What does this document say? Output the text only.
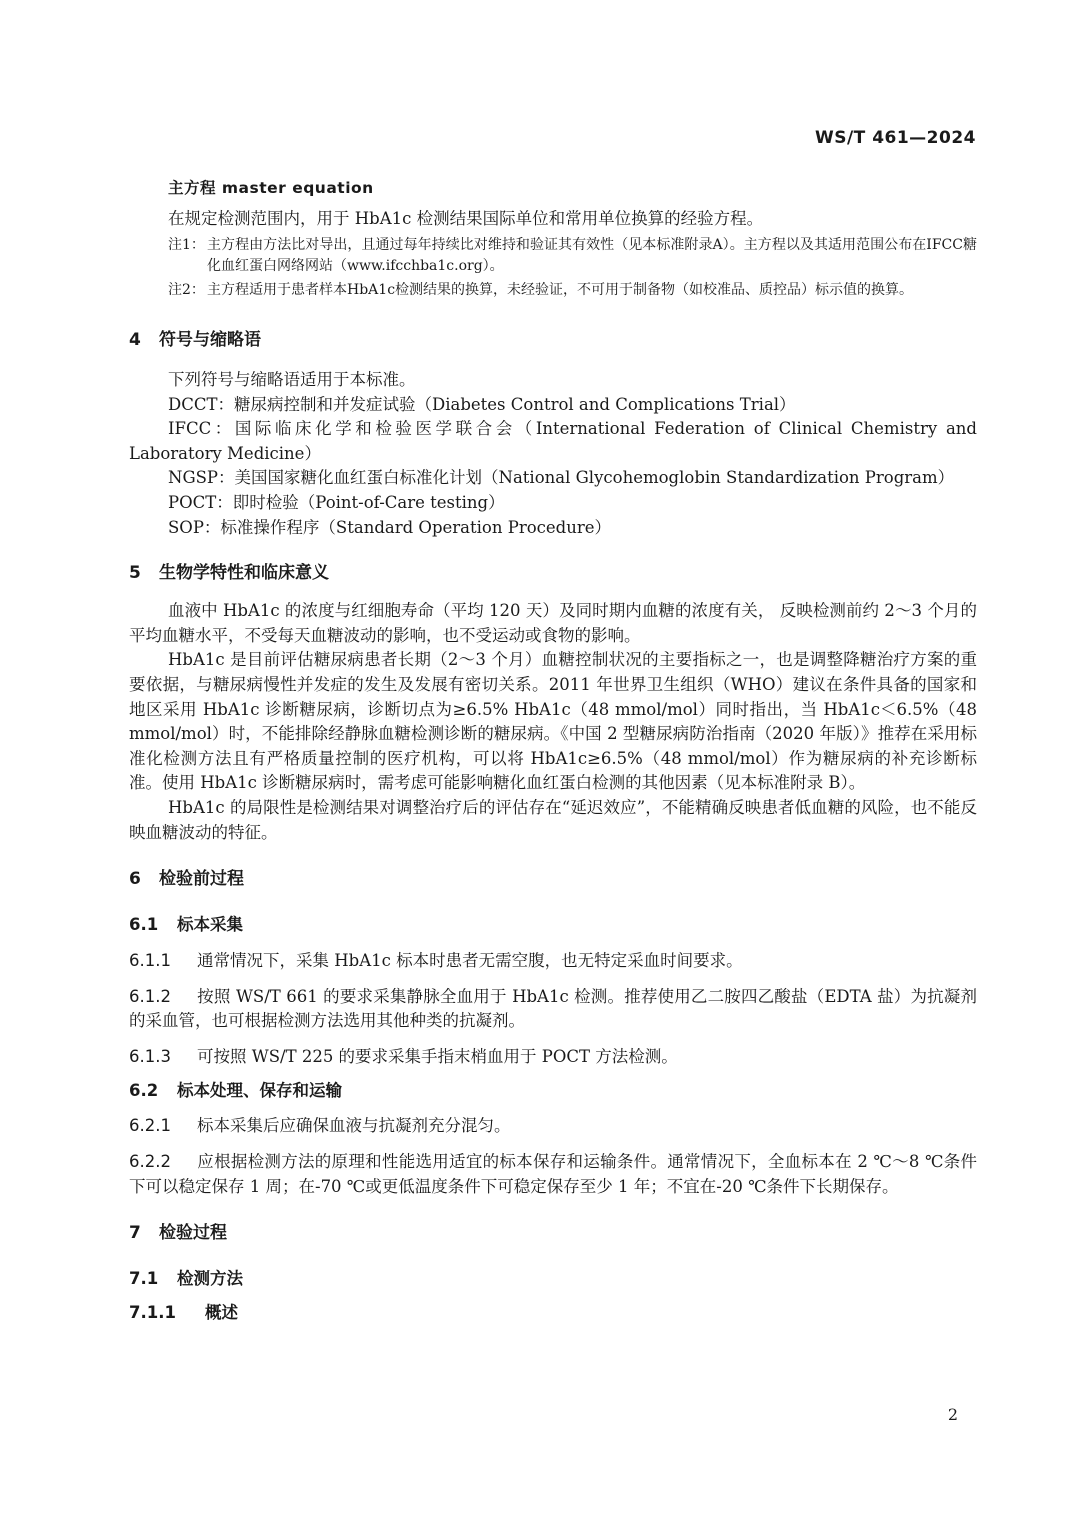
WS/T 461—2024

主方程 master equation

在规定检测范围内，用于 HbA1c 检测结果国际单位和常用单位换算的经验方程。

注1： 主方程由方法比对导出，且通过每年持续比对维持和验证其有效性（见本标准附录A）。主方程以及其适用范围公布在IFCC糖化血红蛋白网络网站（www.ifcchba1c.org）。
注2： 主方程适用于患者样本HbA1c检测结果的换算，未经验证，不可用于制备物（如校准品、质控品）标示值的换算。
4 符号与缩略语

下列符号与缩略语适用于本标准。

DCCT：糖尿病控制和并发症试验（Diabetes Control and Complications Trial）

IFCC：国际临床化学和检验医学联合会（International Federation of Clinical Chemistry and Laboratory Medicine）

NGSP：美国国家糖化血红蛋白标准化计划（National Glycohemoglobin Standardization Program）

POCT：即时检验（Point-of-Care testing）

SOP：标准操作程序（Standard Operation Procedure）

5 生物学特性和临床意义

血液中 HbA1c 的浓度与红细胞寿命（平均 120 天）及同时期内血糖的浓度有关， 反映检测前约 2～3 个月的平均血糖水平，不受每天血糖波动的影响，也不受运动或食物的影响。

HbA1c 是目前评估糖尿病患者长期（2～3 个月）血糖控制状况的主要指标之一，也是调整降糖治疗方案的重要依据，与糖尿病慢性并发症的发生及发展有密切关系。2011 年世界卫生组织（WHO）建议在条件具备的国家和地区采用 HbA1c 诊断糖尿病，诊断切点为≥6.5% HbA1c（48 mmol/mol）同时指出，当 HbA1c＜6.5%（48 mmol/mol）时，不能排除经静脉血糖检测诊断的糖尿病。《中国 2 型糖尿病防治指南（2020 年版）》推荐在采用标准化检测方法且有严格质量控制的医疗机构，可以将 HbA1c≥6.5%（48 mmol/mol）作为糖尿病的补充诊断标准。使用 HbA1c 诊断糖尿病时，需考虑可能影响糖化血红蛋白检测的其他因素（见本标准附录 B）。

HbA1c 的局限性是检测结果对调整治疗后的评估存在“延迟效应”，不能精确反映患者低血糖的风险，也不能反映血糖波动的特征。

6 检验前过程
6.1 标本采集

6.1.1 通常情况下，采集 HbA1c 标本时患者无需空腹，也无特定采血时间要求。

6.1.2 按照 WS/T 661 的要求采集静脉全血用于 HbA1c 检测。推荐使用乙二胺四乙酸盐（EDTA 盐）为抗凝剂的采血管，也可根据检测方法选用其他种类的抗凝剂。

6.1.3 可按照 WS/T 225 的要求采集手指末梢血用于 POCT 方法检测。

6.2 标本处理、保存和运输

6.2.1 标本采集后应确保血液与抗凝剂充分混匀。

6.2.2 应根据检测方法的原理和性能选用适宜的标本保存和运输条件。通常情况下，全血标本在 2 ℃～8 ℃条件下可以稳定保存 1 周；在-70 ℃或更低温度条件下可稳定保存至少 1 年；不宜在-20 ℃条件下长期保存。

7 检验过程
7.1 检测方法
7.1.1 概述
2
